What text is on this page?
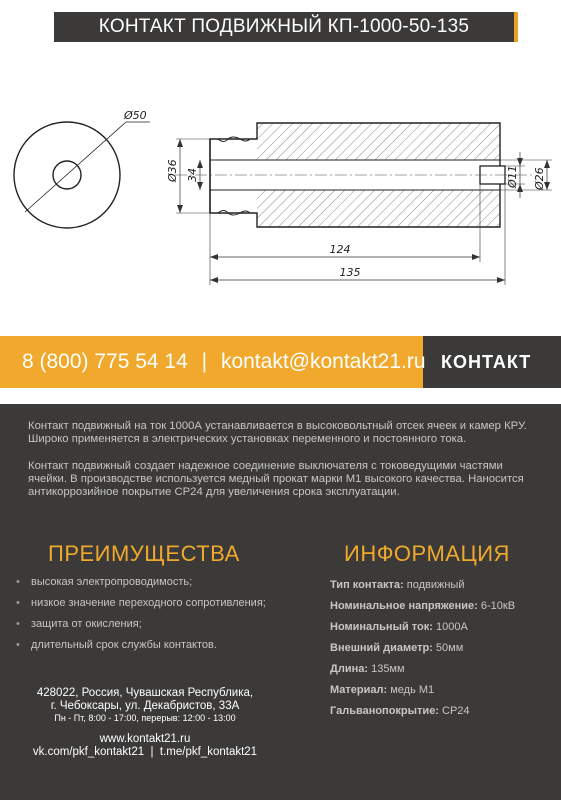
КОНТАКТ ПОДВИЖНЫЙ КП-1000-50-135
Ø50
Ø36 34	Ø11 Ø26
124
135
8 (800) 775 54 14 | kontakt@kontakt21.ru КОНТАКТ

Контакт подвижный на ток 1000А устанавливается в высоковольтный отсек ячеек и камер КРУ. Широко применяется в электрических установках переменного и постоянного тока.

Контакт подвижный создает надежное соединение выключателя с токоведущими частями ячейки. В производстве используется медный прокат марки М1 высокого качества. Наносится антикоррозийное покрытие СР24 для увеличения срока эксплуатации.

ПРЕИМУЩЕСТВА	ИНФОРМАЦИЯ
• высокая электропроводимость;
• низкое значение переходного сопротивления;
• защита от окисления;
• длительный срок службы контактов.
Тип контакта: подвижный
Номинальное напряжение: 6-10кВ
Номинальный ток: 1000А
Внешний диаметр: 50мм
Длина: 135мм
Материал: медь М1
Гальванопокрытие: СР24
428022, Россия, Чувашская Республика,
г. Чебоксары, ул. Декабристов, 33А
Пн - Пт, 8:00 - 17:00, перерыв: 12:00 - 13:00
www.kontakt21.ru
vk.com/pkf_kontakt21  |  t.me/pkf_kontakt21
